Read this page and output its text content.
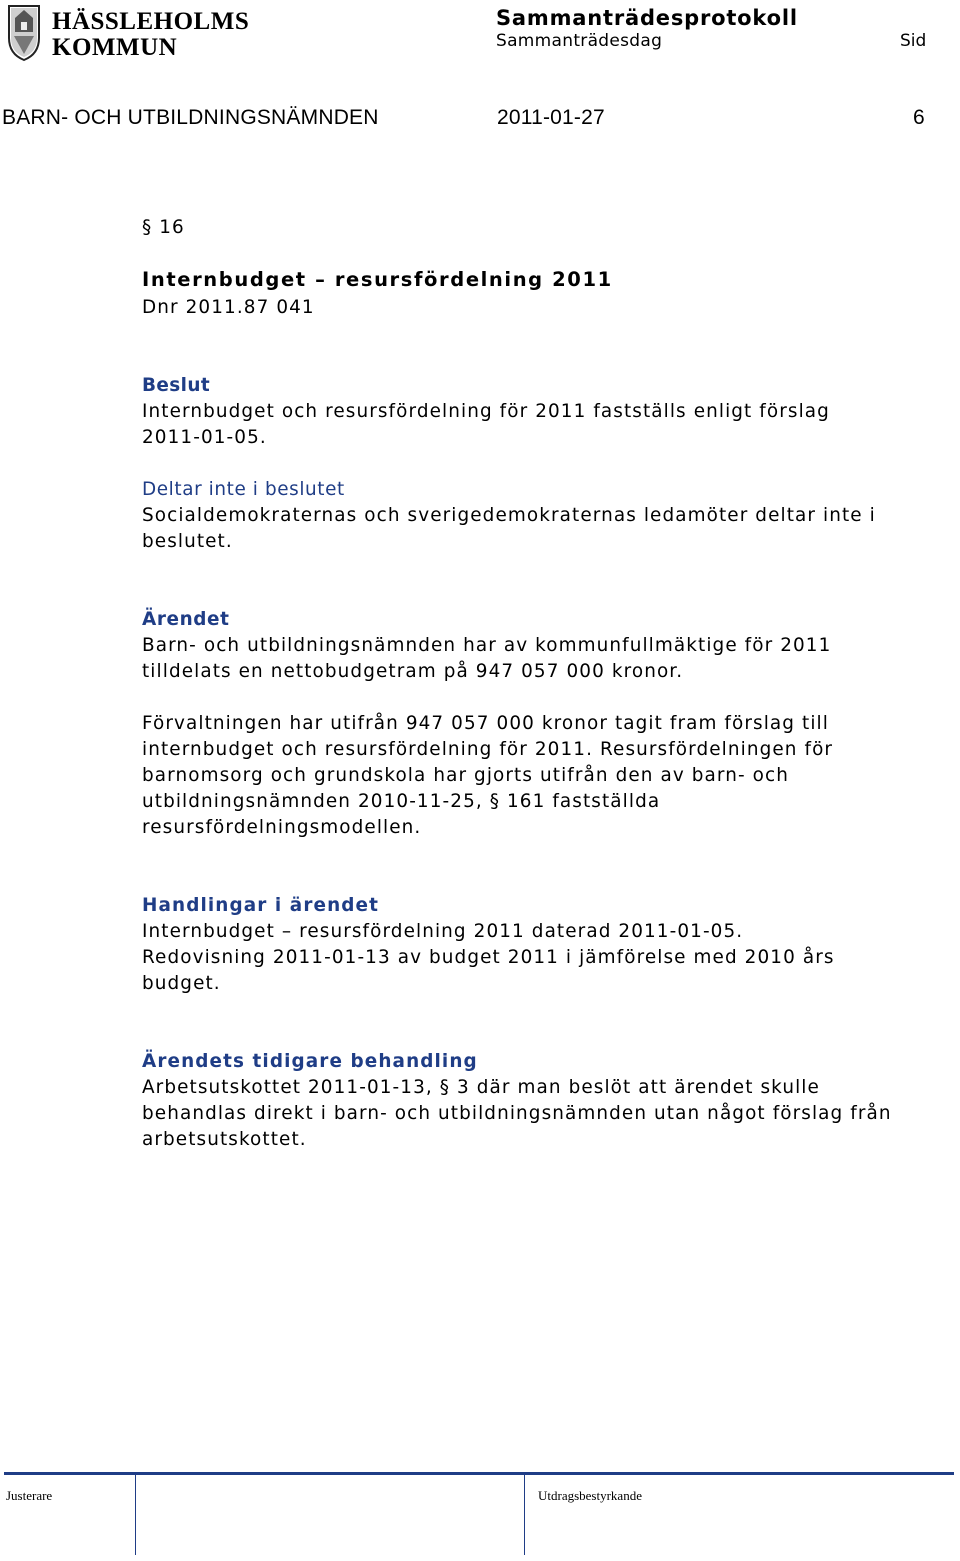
HÄSSLEHOLMS
KOMMUN
Sammanträdesprotokoll
Sammanträdesdag	Sid
BARN- OCH UTBILDNINGSNÄMNDEN	2011-01-27	6
§ 16
Internbudget – resursfördelning 2011
Dnr 2011.87 041
Beslut
Internbudget och resursfördelning för 2011 fastställs enligt förslag
2011-01-05.
Deltar inte i beslutet
Socialdemokraternas och sverigedemokraternas ledamöter deltar inte i
beslutet.
Ärendet
Barn- och utbildningsnämnden har av kommunfullmäktige för 2011
tilldelats en nettobudgetram på 947 057 000 kronor.
Förvaltningen har utifrån 947 057 000 kronor tagit fram förslag till
internbudget och resursfördelning för 2011. Resursfördelningen för
barnomsorg och grundskola har gjorts utifrån den av barn- och
utbildningsnämnden 2010-11-25, § 161 fastställda
resursfördelningsmodellen.
Handlingar i ärendet
Internbudget – resursfördelning 2011 daterad 2011-01-05.
Redovisning 2011-01-13 av budget 2011 i jämförelse med 2010 års
budget.
Ärendets tidigare behandling
Arbetsutskottet 2011-01-13, § 3 där man beslöt att ärendet skulle
behandlas direkt i barn- och utbildningsnämnden utan något förslag från
arbetsutskottet.
Justerare	Utdragsbestyrkande
